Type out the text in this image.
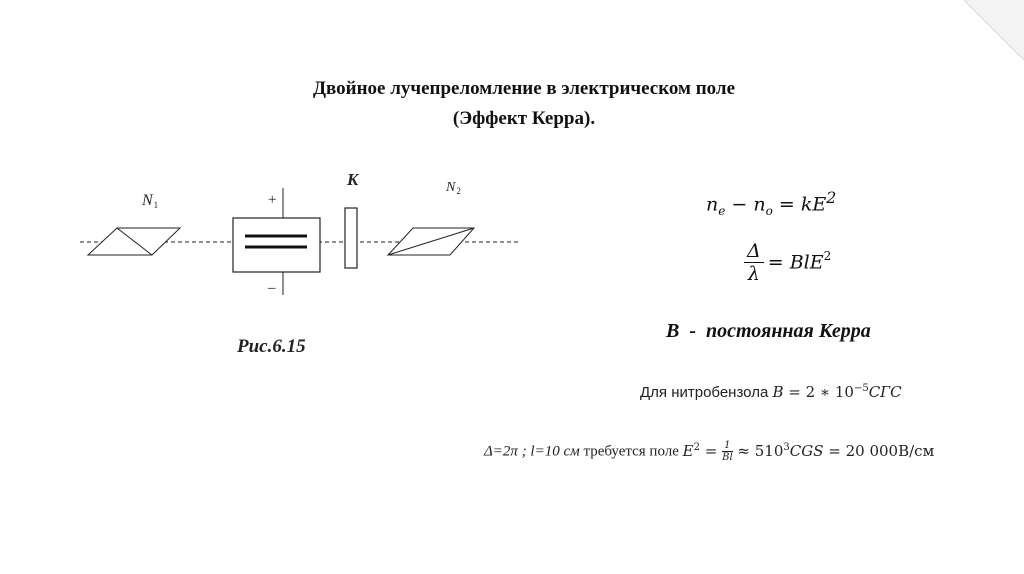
Двойное лучепреломление в электрическом поле
(Эффект Керра).
$N_1$
$N_2$
K
+
–
Рис.6.15
$n_e - n_o = kE^2$
$\frac{\Delta}{\lambda} = BlE^2$
B  -  постоянная Керра
Для нитробензола B = 2 ∗ $10^{-5}СГС$
Δ=2π ; l=10 см требуется поле $E^2 = \frac{1}{Bl} \approx 510^3CGS = 20$ 000В/см
